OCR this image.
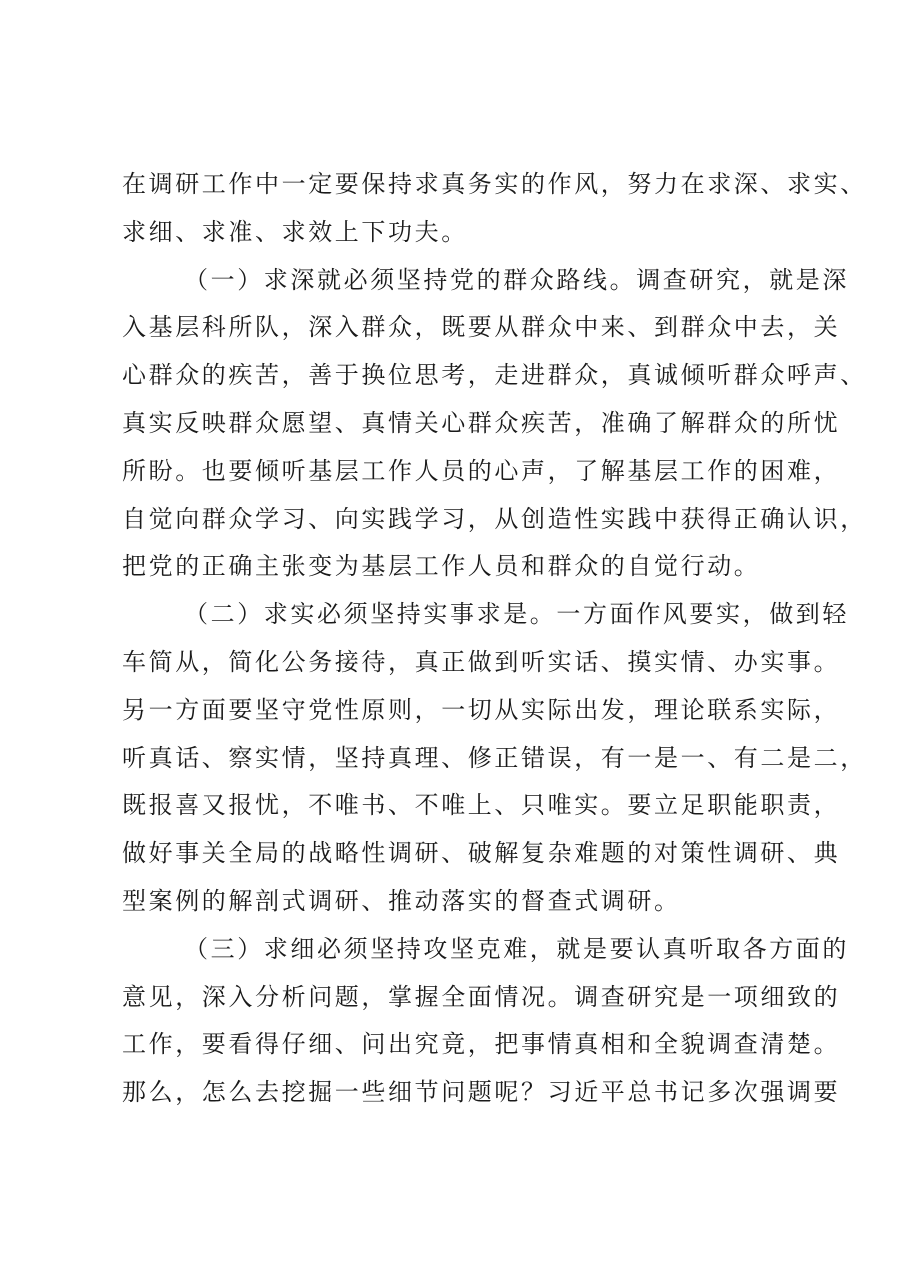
在调研工作中一定要保持求真务实的作风，努力在求深、求实、
求细、求准、求效上下功夫。
（一）求深就必须坚持党的群众路线。调查研究，就是深
入基层科所队，深入群众，既要从群众中来、到群众中去，关
心群众的疾苦，善于换位思考，走进群众，真诚倾听群众呼声、
真实反映群众愿望、真情关心群众疾苦，准确了解群众的所忧
所盼。也要倾听基层工作人员的心声，了解基层工作的困难，
自觉向群众学习、向实践学习，从创造性实践中获得正确认识，
把党的正确主张变为基层工作人员和群众的自觉行动。
（二）求实必须坚持实事求是。一方面作风要实，做到轻
车简从，简化公务接待，真正做到听实话、摸实情、办实事。
另一方面要坚守党性原则，一切从实际出发，理论联系实际，
听真话、察实情，坚持真理、修正错误，有一是一、有二是二，
既报喜又报忧，不唯书、不唯上、只唯实。要立足职能职责，
做好事关全局的战略性调研、破解复杂难题的对策性调研、典
型案例的解剖式调研、推动落实的督查式调研。
（三）求细必须坚持攻坚克难，就是要认真听取各方面的
意见，深入分析问题，掌握全面情况。调查研究是一项细致的
工作，要看得仔细、问出究竟，把事情真相和全貌调查清楚。
那么，怎么去挖掘一些细节问题呢？习近平总书记多次强调要
